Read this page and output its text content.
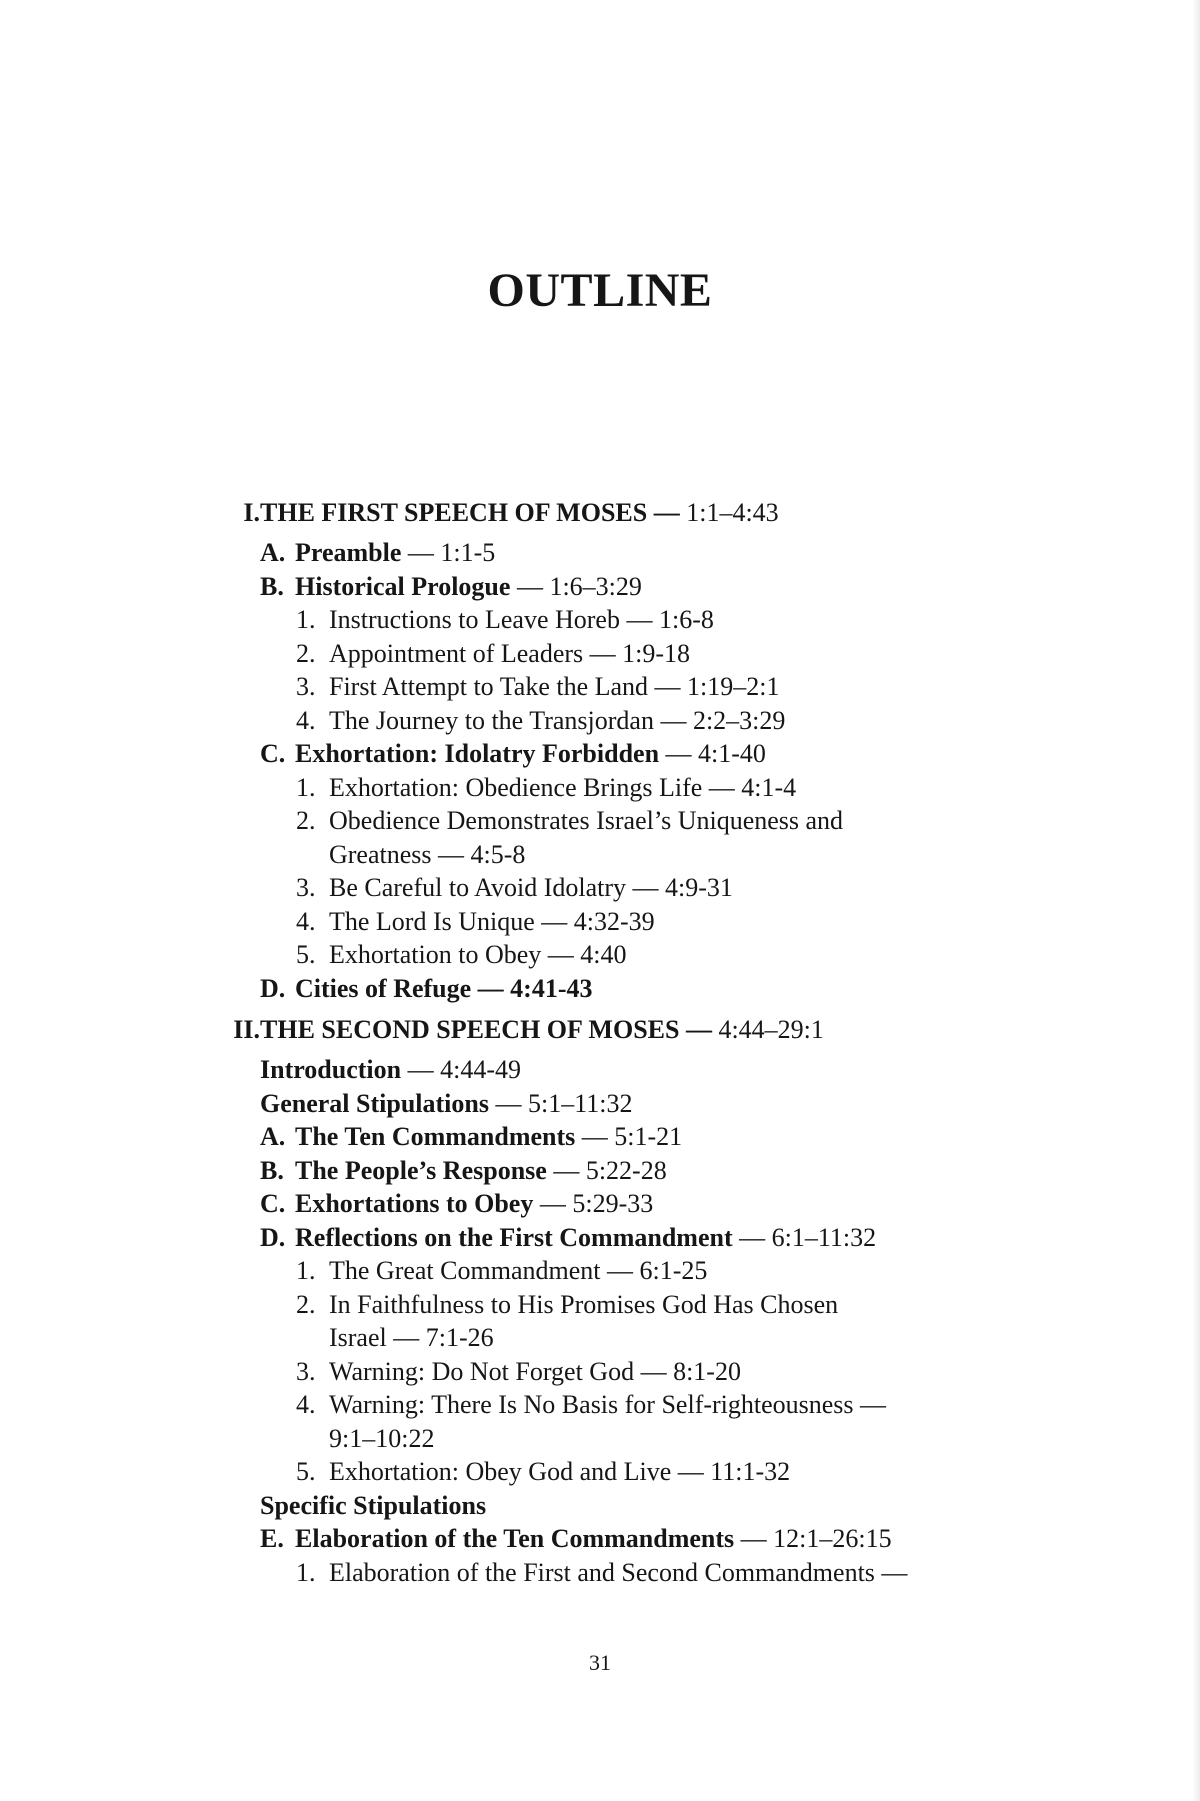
OUTLINE
I. THE FIRST SPEECH OF MOSES — 1:1–4:43
A. Preamble — 1:1-5
B. Historical Prologue — 1:6–3:29
1. Instructions to Leave Horeb — 1:6-8
2. Appointment of Leaders — 1:9-18
3. First Attempt to Take the Land — 1:19–2:1
4. The Journey to the Transjordan — 2:2–3:29
C. Exhortation: Idolatry Forbidden — 4:1-40
1. Exhortation: Obedience Brings Life — 4:1-4
2. Obedience Demonstrates Israel’s Uniqueness and
Greatness — 4:5-8
3. Be Careful to Avoid Idolatry — 4:9-31
4. The Lord Is Unique — 4:32-39
5. Exhortation to Obey — 4:40
D. Cities of Refuge — 4:41-43
II. THE SECOND SPEECH OF MOSES — 4:44–29:1
Introduction — 4:44-49
General Stipulations — 5:1–11:32
A. The Ten Commandments — 5:1-21
B. The People’s Response — 5:22-28
C. Exhortations to Obey — 5:29-33
D. Reflections on the First Commandment — 6:1–11:32
1. The Great Commandment — 6:1-25
2. In Faithfulness to His Promises God Has Chosen
Israel — 7:1-26
3. Warning: Do Not Forget God — 8:1-20
4. Warning: There Is No Basis for Self-righteousness —
9:1–10:22
5. Exhortation: Obey God and Live — 11:1-32
Specific Stipulations
E. Elaboration of the Ten Commandments — 12:1–26:15
1. Elaboration of the First and Second Commandments —
31
